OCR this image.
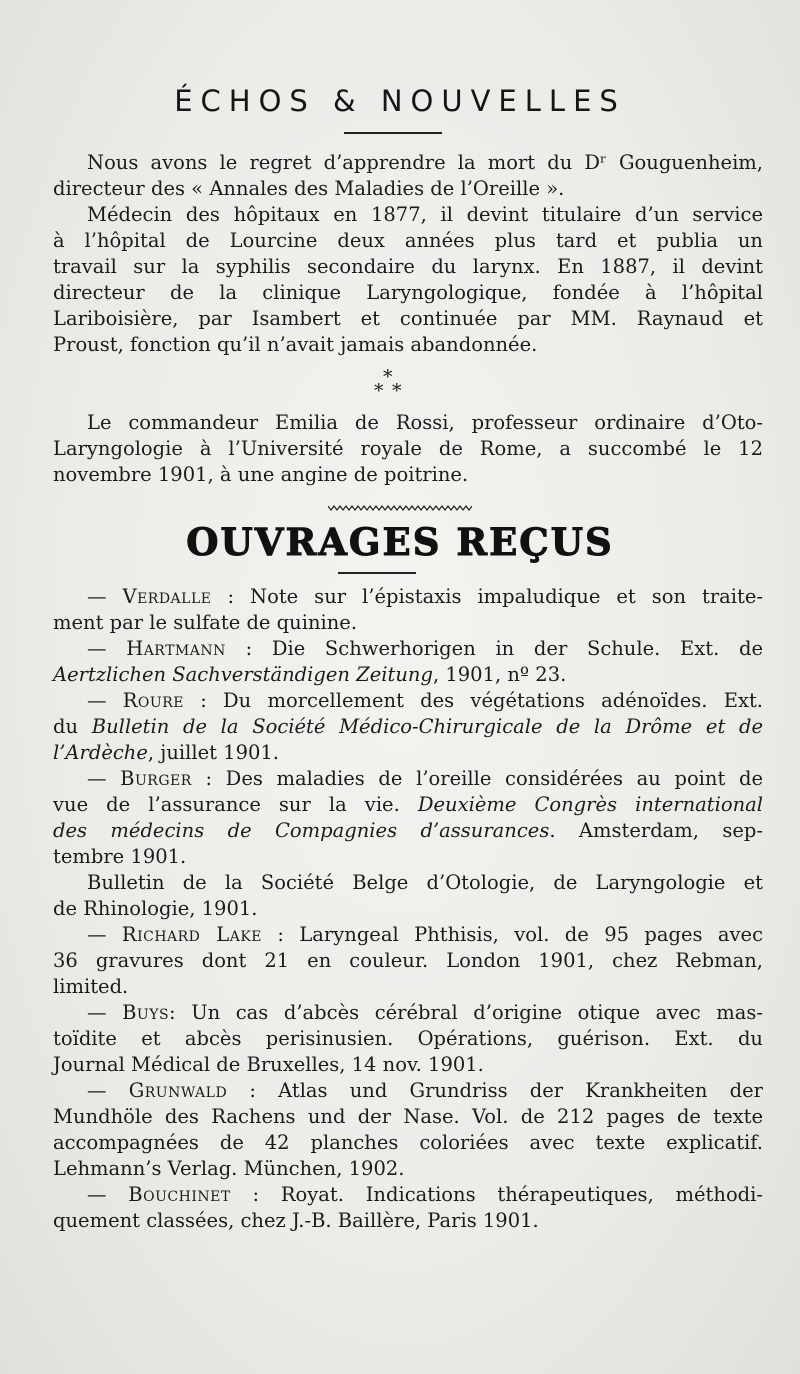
ÉCHOS & NOUVELLES

Nous avons le regret d’apprendre la mort du Dʳ Gouguenheim,

directeur des « Annales des Maladies de l’Oreille ».

Médecin des hôpitaux en 1877, il devint titulaire d’un service

à l’hôpital de Lourcine deux années plus tard et publia un

travail sur la syphilis secondaire du larynx. En 1887, il devint

directeur de la clinique Laryngologique, fondée à l’hôpital

Lariboisière, par Isambert et continuée par MM. Raynaud et

Proust, fonction qu’il n’avait jamais abandonnée.

*
* *

Le commandeur Emilia de Rossi, professeur ordinaire d’Oto-

Laryngologie à l’Université royale de Rome, a succombé le 12

novembre 1901, à une angine de poitrine.

OUVRAGES REÇUS

— Verdalle : Note sur l’épistaxis impaludique et son traite-

ment par le sulfate de quinine.

— Hartmann : Die Schwerhorigen in der Schule. Ext. de

Aertzlichen Sachverständigen Zeitung, 1901, nº 23.

— Roure : Du morcellement des végétations adénoïdes. Ext.

du Bulletin de la Société Médico-Chirurgicale de la Drôme et de

l’Ardèche, juillet 1901.

— Burger : Des maladies de l’oreille considérées au point de

vue de l’assurance sur la vie. Deuxième Congrès international

des médecins de Compagnies d’assurances. Amsterdam, sep-

tembre 1901.

Bulletin de la Société Belge d’Otologie, de Laryngologie et

de Rhinologie, 1901.

— Richard Lake : Laryngeal Phthisis, vol. de 95 pages avec

36 gravures dont 21 en couleur. London 1901, chez Rebman,

limited.

— Buys: Un cas d’abcès cérébral d’origine otique avec mas-

toïdite et abcès perisinusien. Opérations, guérison. Ext. du

Journal Médical de Bruxelles, 14 nov. 1901.

— Grunwald : Atlas und Grundriss der Krankheiten der

Mundhöle des Rachens und der Nase. Vol. de 212 pages de texte

accompagnées de 42 planches coloriées avec texte explicatif.

Lehmann’s Verlag. München, 1902.

— Bouchinet : Royat. Indications thérapeutiques, méthodi-

quement classées, chez J.-B. Baillère, Paris 1901.
